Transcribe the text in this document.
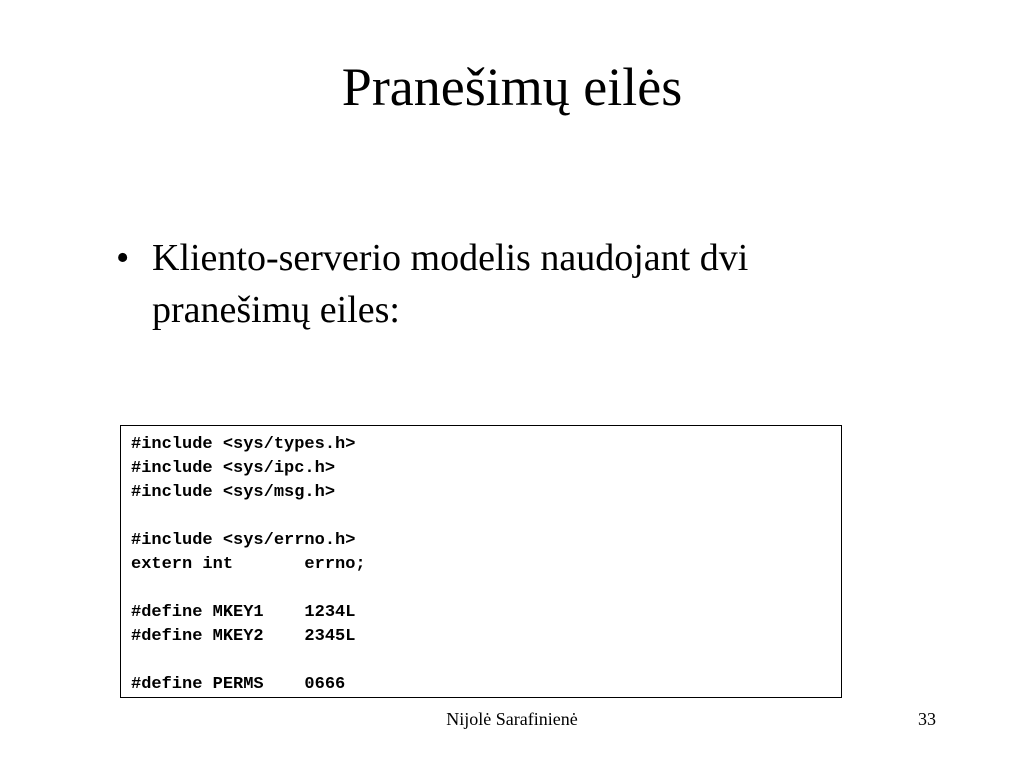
Pranešimų eilės
• Kliento-serverio modelis naudojant dvi pranešimų eiles:
#include <sys/types.h>
#include <sys/ipc.h>
#include <sys/msg.h>
#include <sys/errno.h>
extern int       errno;
#define MKEY1    1234L
#define MKEY2    2345L
#define PERMS    0666
Nijolė Sarafinienė	33
